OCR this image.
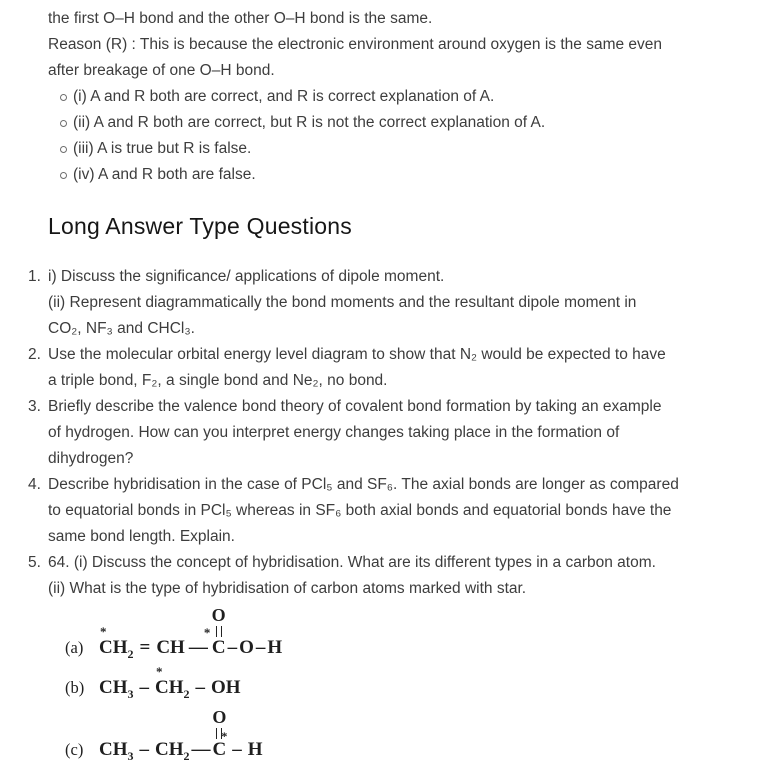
the first O–H bond and the other O–H bond is the same.
Reason (R) : This is because the electronic environment around oxygen is the same even
after breakage of one O–H bond.
(i) A and R both are correct, and R is correct explanation of A.
(ii) A and R both are correct, but R is not the correct explanation of A.
(iii) A is true but R is false.
(iv) A and R both are false.
Long Answer Type Questions
1. i) Discuss the significance/ applications of dipole moment.
(ii) Represent diagrammatically the bond moments and the resultant dipole moment in
CO₂, NF₃ and CHCl₃.
2. Use the molecular orbital energy level diagram to show that N₂ would be expected to have
a triple bond, F₂, a single bond and Ne₂, no bond.
3. Briefly describe the valence bond theory of covalent bond formation by taking an example
of hydrogen. How can you interpret energy changes taking place in the formation of
dihydrogen?
4. Describe hybridisation in the case of PCl₅ and SF₆. The axial bonds are longer as compared
to equatorial bonds in PCl₅ whereas in SF₆ both axial bonds and equatorial bonds have the
same bond length. Explain.
5. 64. (i) Discuss the concept of hybridisation. What are its different types in a carbon atom.
(ii) What is the type of hybridisation of carbon atoms marked with star.
(a)
*
$CH_2$ = CH —
O
*
C – O – H
(b) $CH_3$ –
*
$CH_2$ – OH
(c) $CH_3 - CH_2$ —
O
*
C – H
